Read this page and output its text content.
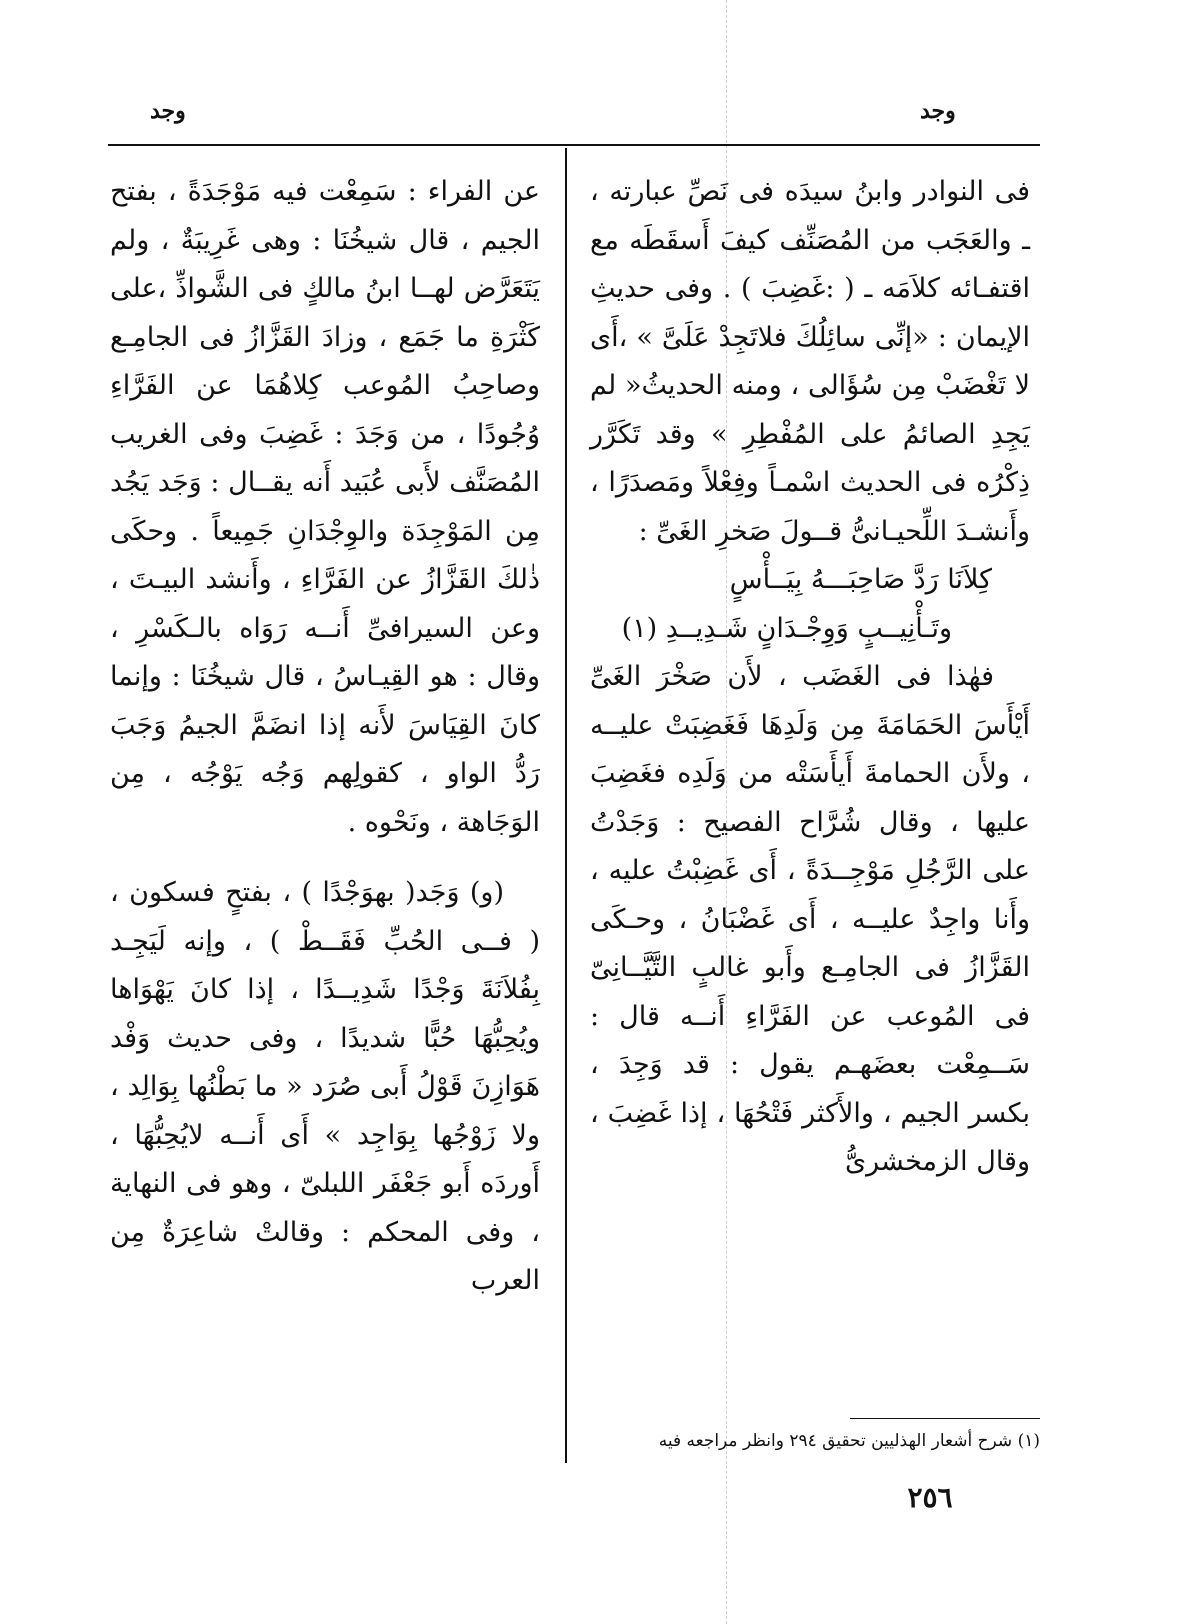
وجد	وجد

فى النوادر وابنُ سيدَه فى نَصِّ عبارته ، ـ والعَجَب من المُصَنِّف كيفَ أَسقَطَه مع اقتفـائه كلاَمَه ـ ( :غَضِبَ ) . وفى حديثِ الإيمان : «إنِّى سائِلُكَ فلاتَجِدْ عَلَىَّ » ،أَى لا تَغْضَبْ مِن سُؤَالى ، ومنه الحديثُ« لم يَجِدِ الصائمُ على المُفْطِرِ » وقد تَكَرَّر ذِكْرُه فى الحديث اسْمـاً وفِعْلاً ومَصدَرًا ، وأَنشـدَ اللِّحيـانىُّ قــولَ صَخرِ الغَىِّ :

كِلاَنَا رَدَّ صَاحِبَـــهُ بِيَــأْسٍ
وتَـأْنِيــبٍ وَوِجْـدَانٍ شَـدِيــدِ (١)

فهٰذا فى الغَضَب ، لأَن صَخْرَ الغَىِّ أَيْأَسَ الحَمَامَةَ مِن وَلَدِهَا فَغَضِبَتْ عليــه ، ولأَن الحمامةَ أَيأَسَتْه من وَلَدِه فغَضِبَ عليها ، وقال شُرَّاح الفصيح : وَجَدْتُ على الرَّجُلِ مَوْجِــدَةً ، أَى غَضِبْتُ عليه ، وأَنا واجِدٌ عليــه ، أَى غَضْبَانُ ، وحـكَى القَزَّازُ فى الجامِـع وأَبو غالبٍ التَّيَّــانِىّ فى المُوعب عن الفَرَّاءِ أَنــه قال : سَــمِعْت بعضَهـم يقول : قد وَجِدَ ، بكسر الجيم ، والأَكثر فَتْحُهَا ، إذا غَضِبَ ، وقال الزمخشرىُّ

عن الفراء : سَمِعْت فيه مَوْجَدَةً ، بفتح الجيم ، قال شيخُنَا : وهى غَرِيبَةٌ ، ولم يَتَعَرَّض لهــا ابنُ مالكٍ فى الشَّواذِّ ،على كَثْرَةِ ما جَمَع ، وزادَ القَزَّازُ فى الجامِـع وصاحِبُ المُوعب كِلاهُمَا عن الفَرَّاءِ وُجُودًا ، من وَجَدَ : غَضِبَ وفى الغريب المُصَنَّف لأَبى عُبَيد أَنه يقــال : وَجَد يَجُد مِن المَوْجِدَة والوِجْدَانِ جَمِيعاً . وحكَى ذٰلكَ القَزَّازُ عن الفَرَّاءِ ، وأَنشد البيـتَ ، وعن السيرافىِّ أَنــه رَوَاه بالـكَسْرِ ، وقال : هو القِيـاسُ ، قال شيخُنَا : وإنما كانَ القِيَاسَ لأَنه إذا انضَمَّ الجيمُ وَجَبَ رَدُّ الواو ، كقولِهم وَجُه يَوْجُه ، مِن الوَجَاهة ، ونَحْوه .

(و) وَجَد( بهوَجْدًا ) ، بفتحٍ فسكون ، ( فــى الحُبِّ فَقَــطْ ) ، وإنه لَيَجِـد بِفُلاَنَةَ وَجْدًا شَدِيــدًا ، إذا كانَ يَهْوَاها ويُحِبُّهَا حُبًّا شديدًا ، وفى حديث وَفْد هَوَازِنَ قَوْلُ أَبى صُرَد « ما بَطْنُها بِوَالِد ، ولا زَوْجُها بِوَاجِد » أَى أَنــه لايُحِبُّهَا ، أَوردَه أَبو جَعْفَر اللبلىّ ، وهو فى النهاية ، وفى المحكم : وقالتْ شاعِرَةٌ مِن العرب

(١) شرح أشعار الهذليين تحقيق ٢٩٤ وانظر مراجعه فيه
٢٥٦
